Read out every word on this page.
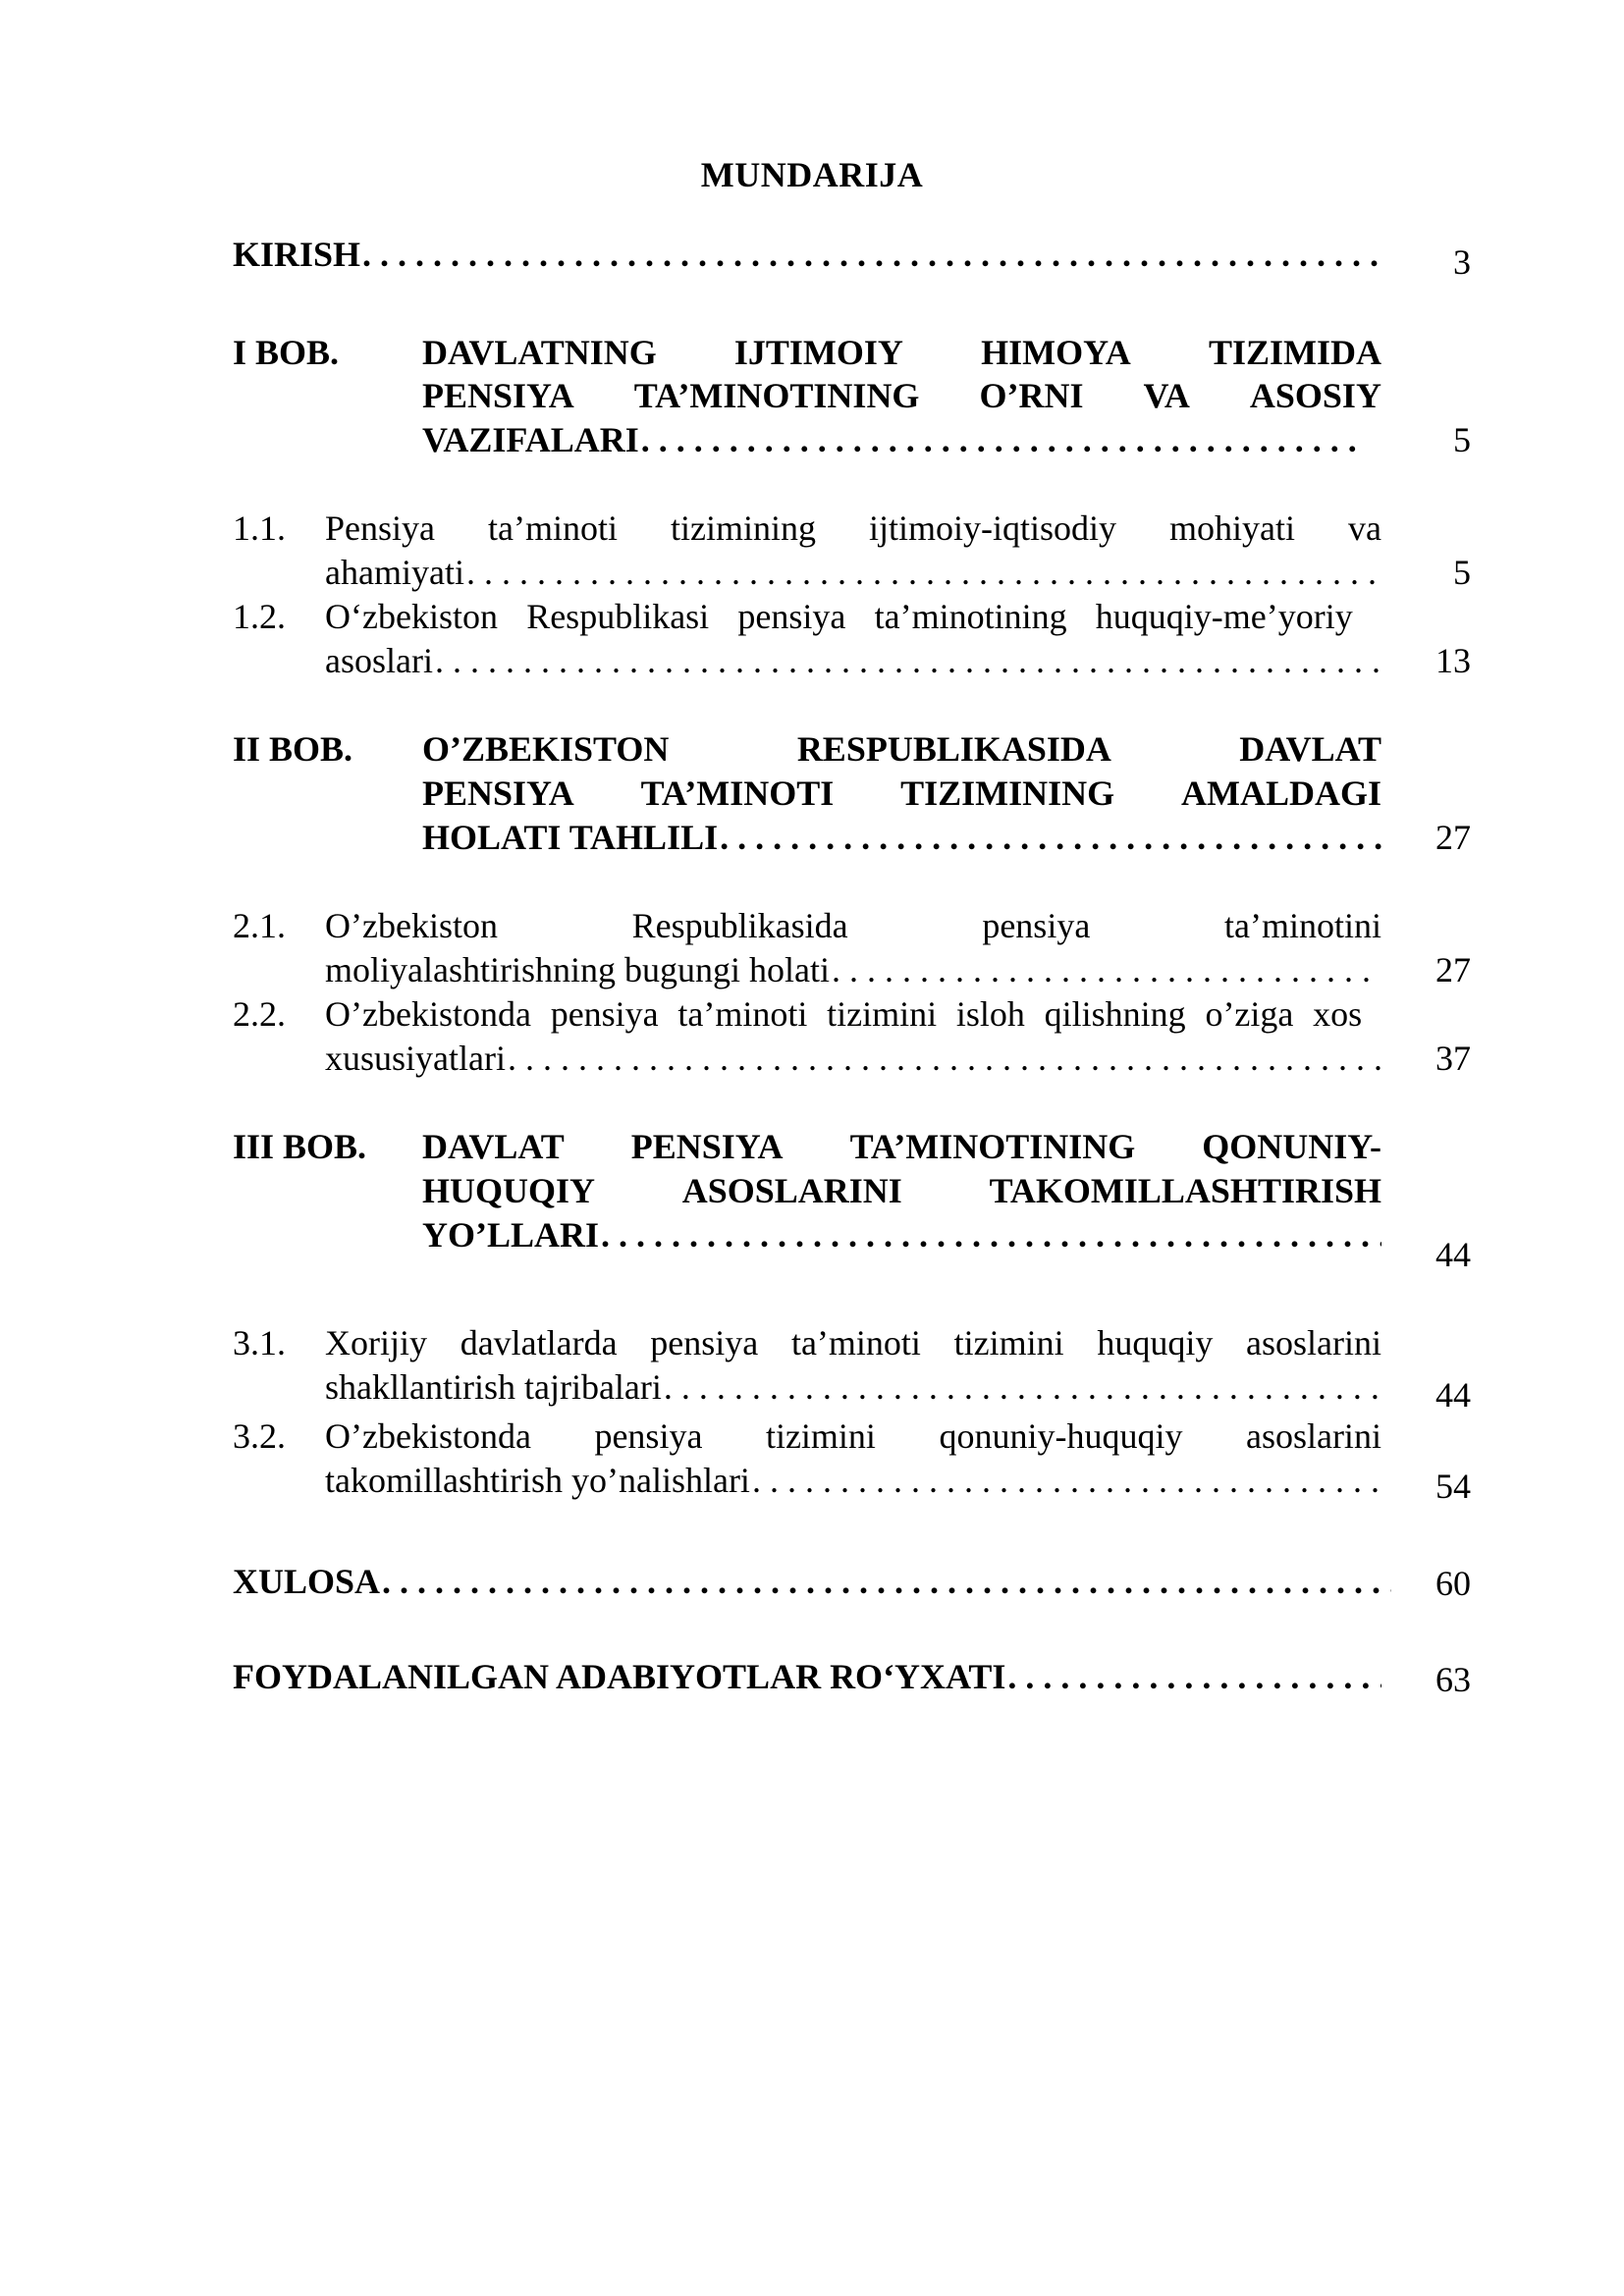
MUNDARIJA
KIRISH . . .	3
I BOB. DAVLATNING IJTIMOIY HIMOYA TIZIMIDA
PENSIYA TA’MINOTINING O’RNI VA ASOSIY
VAZIFALARI . . .	5
1.1. Pensiya ta’minoti tizimining ijtimoiy-iqtisodiy mohiyati va
ahamiyati . . .	5
1.2. O‘zbekiston Respublikasi pensiya ta’minotining huquqiy-me’yoriy
asoslari . . .	13
II BOB. O’ZBEKISTON	RESPUBLIKASIDA	DAVLAT
PENSIYA TA’MINOTI TIZIMINING AMALDAGI
HOLATI TAHLILI . . .	27
2.1. O’zbekiston	Respublikasida	pensiya	ta’minotini
moliyalashtirishning bugungi holati . . .	27
2.2. O’zbekistonda pensiya ta’minoti tizimini isloh qilishning o’ziga xos
xususiyatlari . . .	37
III BOB. DAVLAT PENSIYA TA’MINOTINING QONUNIY-
HUQUQIY ASOSLARINI TAKOMILLASHTIRISH
YO’LLARI . . .	44
3.1. Xorijiy davlatlarda pensiya ta’minoti tizimini huquqiy asoslarini
shakllantirish tajribalari . . .	44
3.2. O’zbekistonda pensiya tizimini qonuniy-huquqiy asoslarini
takomillashtirish yo’nalishlari . . .	54
XULOSA . . .	60
FOYDALANILGAN ADABIYOTLAR RO‘YXATI . . .	63
